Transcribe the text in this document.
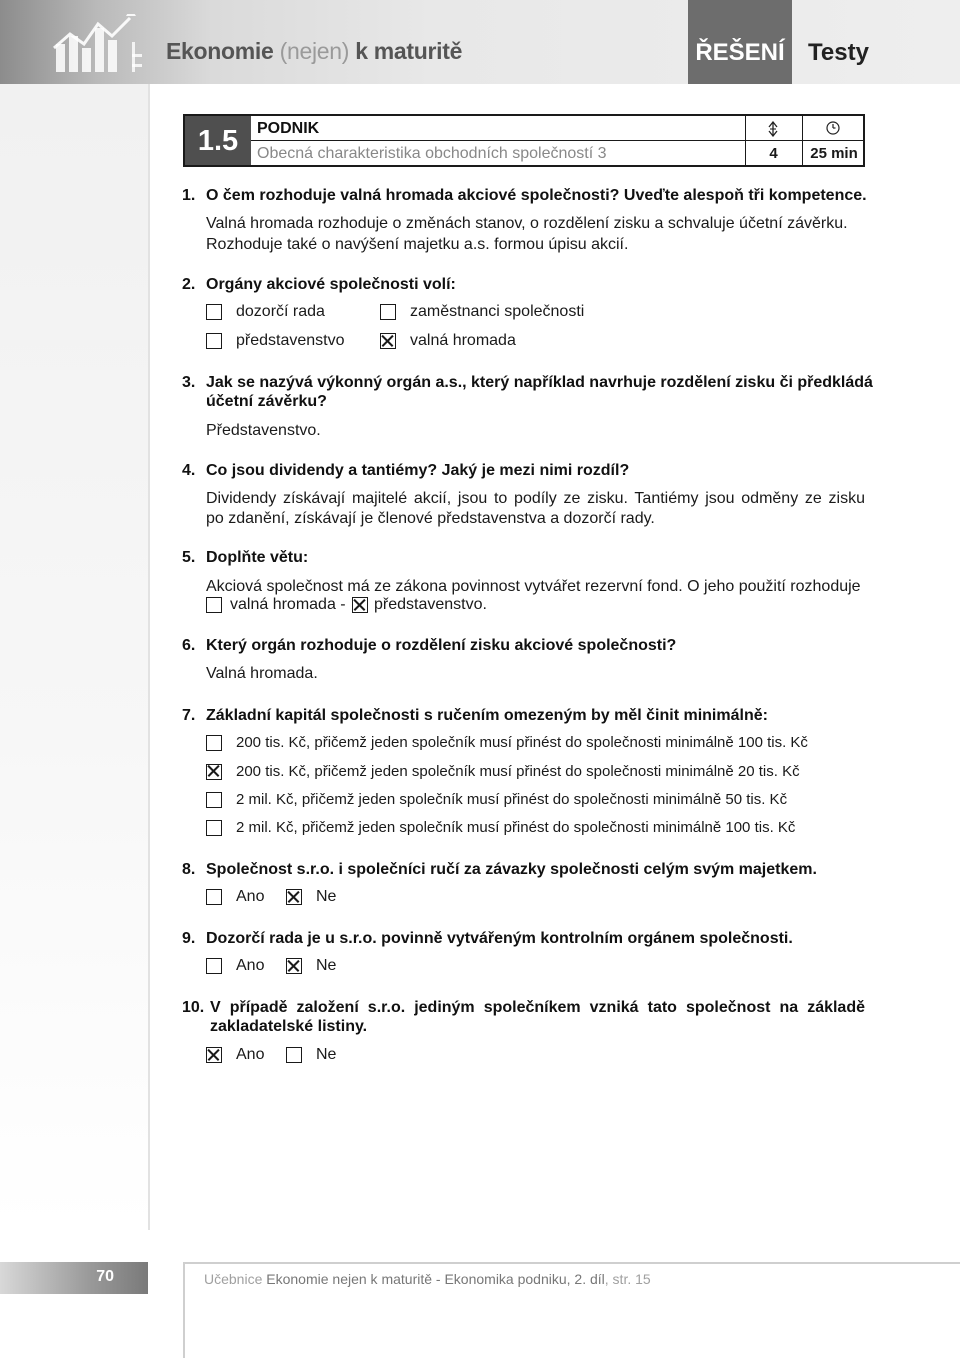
Ekonomie (nejen) k maturitě	ŘEŠENÍ Testy
1.5	PODNIK
Obecná charakteristika obchodních společností 3	4	25 min
1. O čem rozhoduje valná hromada akciové společnosti? Uveďte alespoň tři kompetence.
Valná hromada rozhoduje o změnách stanov, o rozdělení zisku a schvaluje účetní závěrku.
Rozhoduje také o navýšení majetku a.s. formou úpisu akcií.
2. Orgány akciové společnosti volí:
dozorčí rada	zaměstnanci společnosti
představenstvo	valná hromada
3. Jak se nazývá výkonný orgán a.s., který například navrhuje rozdělení zisku či předkládá
účetní závěrku?
Představenstvo.
4. Co jsou dividendy a tantiémy? Jaký je mezi nimi rozdíl?
Dividendy získávají majitelé akcií, jsou to podíly ze zisku. Tantiémy jsou odměny ze zisku
po zdanění, získávají je členové představenstva a dozorčí rady.
5. Doplňte větu:
Akciová společnost má ze zákona povinnost vytvářet rezervní fond. O jeho použití rozhoduje
valná hromada - představenstvo.
6. Který orgán rozhoduje o rozdělení zisku akciové společnosti?
Valná hromada.
7. Základní kapitál společnosti s ručením omezeným by měl činit minimálně:
200 tis. Kč, přičemž jeden společník musí přinést do společnosti minimálně 100 tis. Kč
200 tis. Kč, přičemž jeden společník musí přinést do společnosti minimálně 20 tis. Kč
2 mil. Kč, přičemž jeden společník musí přinést do společnosti minimálně 50 tis. Kč
2 mil. Kč, přičemž jeden společník musí přinést do společnosti minimálně 100 tis. Kč
8. Společnost s.r.o. i společníci ručí za závazky společnosti celým svým majetkem.
Ano	Ne
9. Dozorčí rada je u s.r.o. povinně vytvářeným kontrolním orgánem společnosti.
Ano	Ne
10. V případě založení s.r.o. jediným společníkem vzniká tato společnost na základě
zakladatelské listiny.
Ano	Ne
70	Učebnice Ekonomie nejen k maturitě - Ekonomika podniku, 2. díl, str. 15
